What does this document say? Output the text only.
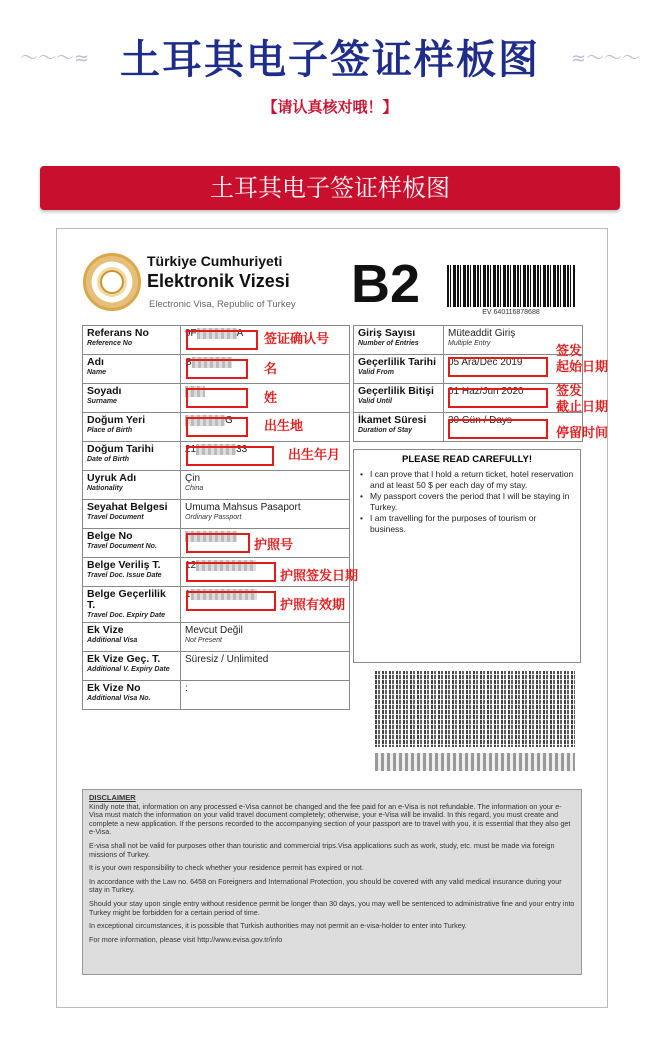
〜〜〜≈ 土耳其电子签证样板图	≈〜〜〜
【请认真核对哦！】
土耳其电子签证样板图
Türkiye Cumhuriyeti
Elektronik Vizesi
Electronic Visa, Republic of Turkey B2	EV 640116878688
Referans No
Reference No	9F A

Adı
Name	S

Soyadı
Surname	

Doğum Yeri
Place of Birth	G

Doğum Tarihi
Date of Birth	21 33

Uyruk Adı
Nationality	Çin
China

Seyahat Belgesi
Travel Document	Umuma Mahsus Pasaport
Ordinary Passport

Belge No
Travel Document No.	

Belge Veriliş T.
Travel Doc. Issue Date	12

Belge Geçerlilik T.
Travel Doc. Expiry Date	1

Ek Vize
Additional Visa	Mevcut Değil
Not Present

Ek Vize Geç. T.
Additional V. Expiry Date	Süresiz / Unlimited

Ek Vize No
Additional Visa No.	:
Giriş Sayısı
Number of Entries	Müteaddit Giriş
Multiple Entry

Geçerlilik Tarihi
Valid From	05 Ara/Dec 2019

Geçerlilik Bitişi
Valid Until	01 Haz/Jun 2020

İkamet Süresi
Duration of Stay	30 Gün / Days
PLEASE READ CAREFULLY!
• I can prove that I hold a return ticket, hotel reservation and at least 50 $ per each day of my stay.
• My passport covers the period that I will be staying in Turkey.
• I am travelling for the purposes of tourism or business.

DISCLAIMER

Kindly note that, information on any processed e-Visa cannot be changed and the fee paid for an e-Visa is not refundable. The information on your e-Visa must match the information on your valid travel document completely; otherwise, your e-Visa will be invalid. In this regard, you must create and complete a new application. If the persons recorded to the accompanying section of your passport are to travel with you, it is essential that they also get e-Visa.

E-visa shall not be valid for purposes other than touristic and commercial trips.Visa applications such as work, study, etc. must be made via foreign missions of Turkey.

It is your own responsibility to check whether your residence permit has expired or not.

In accordance with the Law no. 6458 on Foreigners and International Protection, you should be covered with any valid medical insurance during your stay in Turkey.

Should your stay upon single entry without residence permit be longer than 30 days, you may well be sentenced to administrative fine and your entry into Turkey might be forbidden for a certain period of time.

In exceptional circumstances, it is possible that Turkish authorities may not permit an e-visa-holder to enter into Turkey.

For more information, please visit http://www.evisa.gov.tr/info

签证确认号
名
姓
出生地
出生年月
护照号
护照签发日期
护照有效期
签发
起始日期
签发
截止日期
停留时间
